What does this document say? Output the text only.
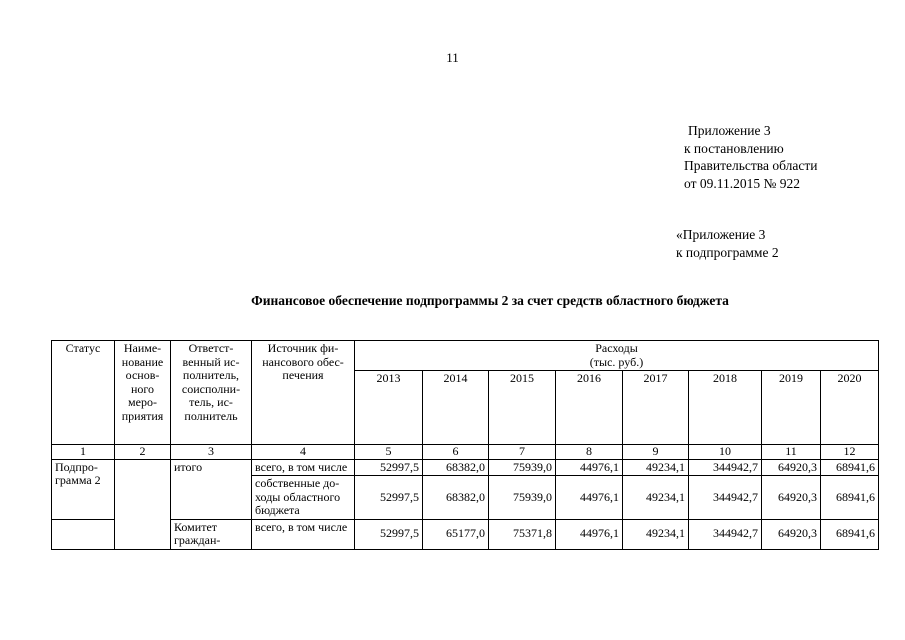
11
Приложение 3
к постановлению
Правительства области
от 09.11.2015 № 922
«Приложение 3
к подпрограмме 2
Финансовое обеспечение подпрограммы 2 за счет средств областного бюджета
Статус	Наиме- нование основ- ного меро- приятия	Ответст- венный ис- полнитель, соисполни- тель, ис- полнитель	Источник фи- нансового обес- печения	Расходы
(тыс. руб.)							

				2013	2014	2015	2016	2017	2018	2019	2020
1	2	3	4	5	6	7	8	9	10	11	12
Подпро- грамма 2		итого	всего, в том числе	52997,5	68382,0	75939,0	44976,1	49234,1	344942,7	64920,3	68941,6
			собственные до- ходы областного бюджета	52997,5	68382,0	75939,0	44976,1	49234,1	344942,7	64920,3	68941,6
		Комитет граждан-	всего, в том числе	52997,5	65177,0	75371,8	44976,1	49234,1	344942,7	64920,3	68941,6
